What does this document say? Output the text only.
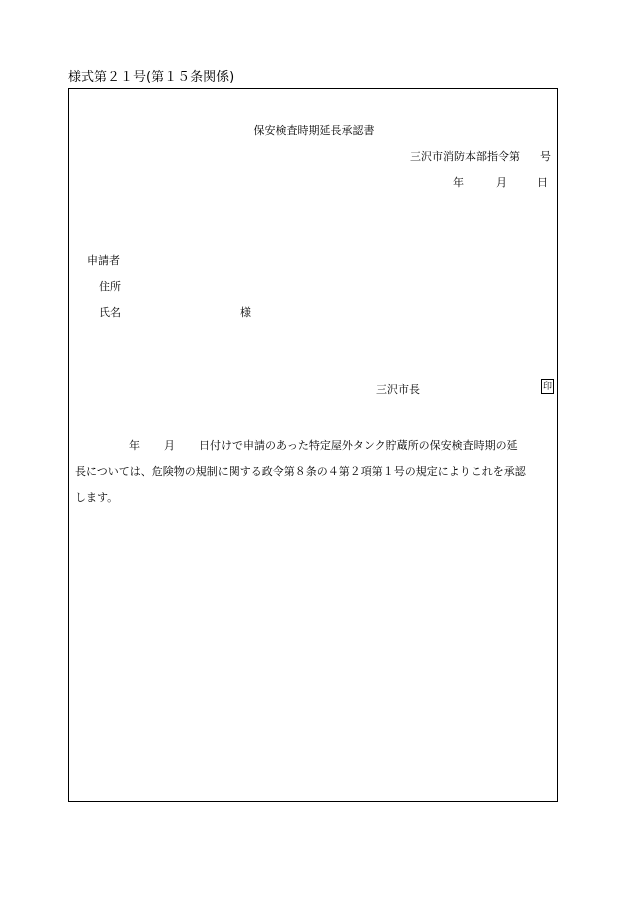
様式第２１号(第１５条関係)
保安検査時期延長承認書
三沢市消防本部指令第 号
年	月	日
申請者
住所
氏名	様
三沢市長	印
年 月 日付けで申請のあった特定屋外タンク貯蔵所の保安検査時期の延
長については、危険物の規制に関する政令第８条の４第２項第１号の規定によりこれを承認
します。
